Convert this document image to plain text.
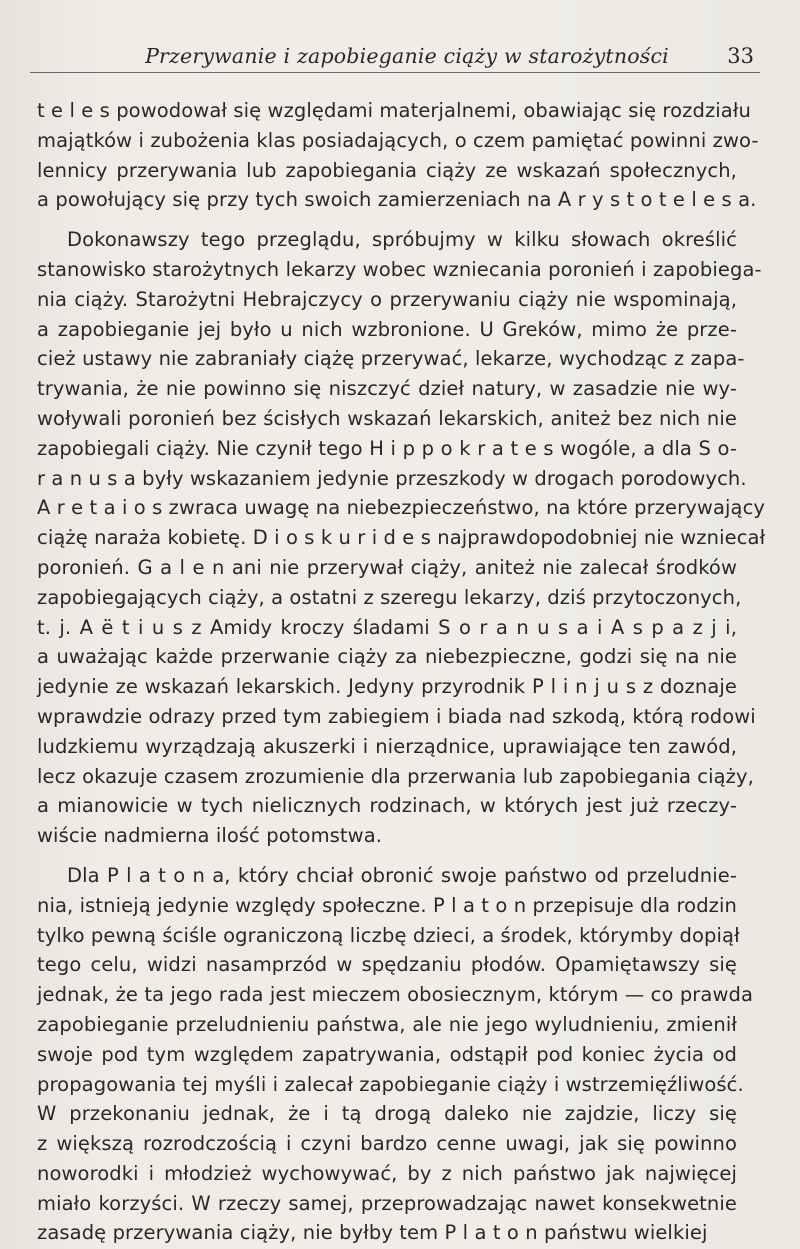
Przerywanie i zapobieganie ciąży w starożytności	33
t e l e s powodował się względami materjalnemi, obawiając się rozdziału
majątków i zubożenia klas posiadających, o czem pamiętać powinni zwo-
lennicy przerywania lub zapobiegania ciąży ze wskazań społecznych,
a powołujący się przy tych swoich zamierzeniach na A r y s t o t e l e s a.
Dokonawszy tego przeglądu, spróbujmy w kilku słowach określić
stanowisko starożytnych lekarzy wobec wzniecania poronień i zapobiega-
nia ciąży. Starożytni Hebrajczycy o przerywaniu ciąży nie wspominają,
a zapobieganie jej było u nich wzbronione. U Greków, mimo że prze-
cież ustawy nie zabraniały ciążę przerywać, lekarze, wychodząc z zapa-
trywania, że nie powinno się niszczyć dzieł natury, w zasadzie nie wy-
woływali poronień bez ścisłych wskazań lekarskich, aniteż bez nich nie
zapobiegali ciąży. Nie czynił tego H i p p o k r a t e s wogóle, a dla S o-
r a n u s a były wskazaniem jedynie przeszkody w drogach porodowych.
A r e t a i o s zwraca uwagę na niebezpieczeństwo, na które przerywający
ciążę naraża kobietę. D i o s k u r i d e s najprawdopodobniej nie wzniecał
poronień. G a l e n ani nie przerywał ciąży, aniteż nie zalecał środków
zapobiegających ciąży, a ostatni z szeregu lekarzy, dziś przytoczonych,
t. j. A ë t i u s z Amidy kroczy śladami S o r a n u s a i A s p a z j i,
a uważając każde przerwanie ciąży za niebezpieczne, godzi się na nie
jedynie ze wskazań lekarskich. Jedyny przyrodnik P l i n j u s z doznaje
wprawdzie odrazy przed tym zabiegiem i biada nad szkodą, którą rodowi
ludzkiemu wyrządzają akuszerki i nierządnice, uprawiające ten zawód,
lecz okazuje czasem zrozumienie dla przerwania lub zapobiegania ciąży,
a mianowicie w tych nielicznych rodzinach, w których jest już rzeczy-
wiście nadmierna ilość potomstwa.
Dla P l a t o n a, który chciał obronić swoje państwo od przeludnie-
nia, istnieją jedynie względy społeczne. P l a t o n przepisuje dla rodzin
tylko pewną ściśle ograniczoną liczbę dzieci, a środek, którymby dopiął
tego celu, widzi nasamprzód w spędzaniu płodów. Opamiętawszy się
jednak, że ta jego rada jest mieczem obosiecznym, którym — co prawda
zapobieganie przeludnieniu państwa, ale nie jego wyludnieniu, zmienił
swoje pod tym względem zapatrywania, odstąpił pod koniec życia od
propagowania tej myśli i zalecał zapobieganie ciąży i wstrzemięźliwość.
W przekonaniu jednak, że i tą drogą daleko nie zajdzie, liczy się
z większą rozrodczością i czyni bardzo cenne uwagi, jak się powinno
noworodki i młodzież wychowywać, by z nich państwo jak najwięcej
miało korzyści. W rzeczy samej, przeprowadzając nawet konsekwetnie
zasadę przerywania ciąży, nie byłby tem P l a t o n państwu wielkiej
